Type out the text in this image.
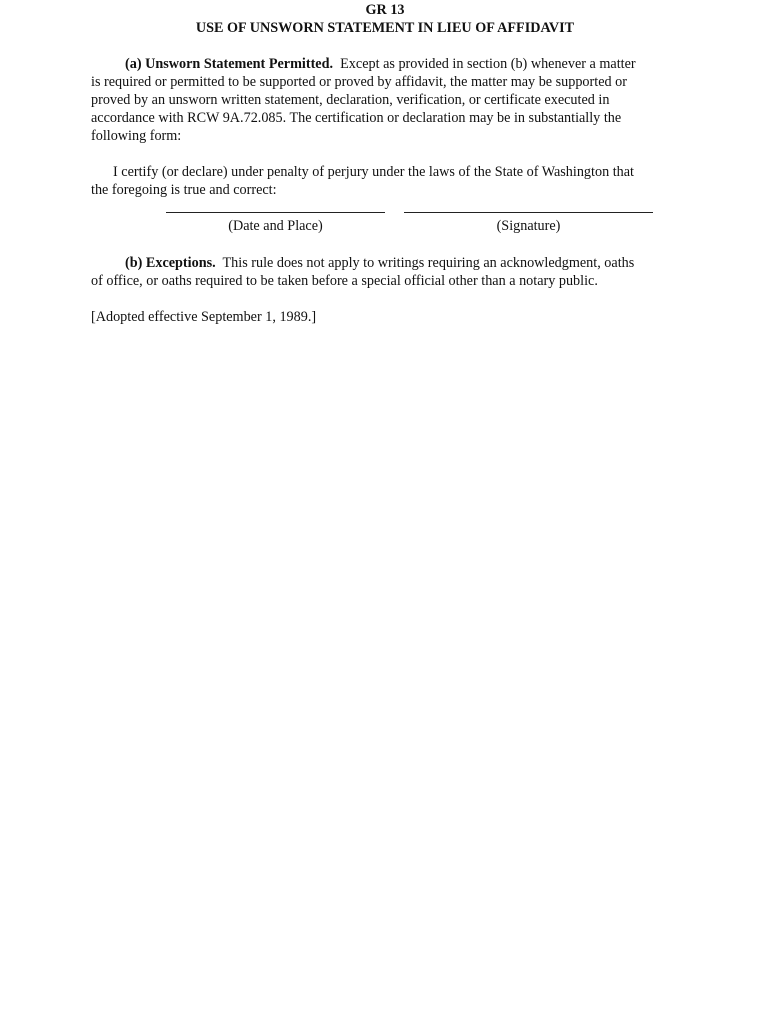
GR 13
USE OF UNSWORN STATEMENT IN LIEU OF AFFIDAVIT
(a) Unsworn Statement Permitted. Except as provided in section (b) whenever a matter
is required or permitted to be supported or proved by affidavit, the matter may be supported or
proved by an unsworn written statement, declaration, verification, or certificate executed in
accordance with RCW 9A.72.085. The certification or declaration may be in substantially the
following form:
I certify (or declare) under penalty of perjury under the laws of the State of Washington that
the foregoing is true and correct:
(Date and Place)	(Signature)
(b) Exceptions. This rule does not apply to writings requiring an acknowledgment, oaths
of office, or oaths required to be taken before a special official other than a notary public.
[Adopted effective September 1, 1989.]
